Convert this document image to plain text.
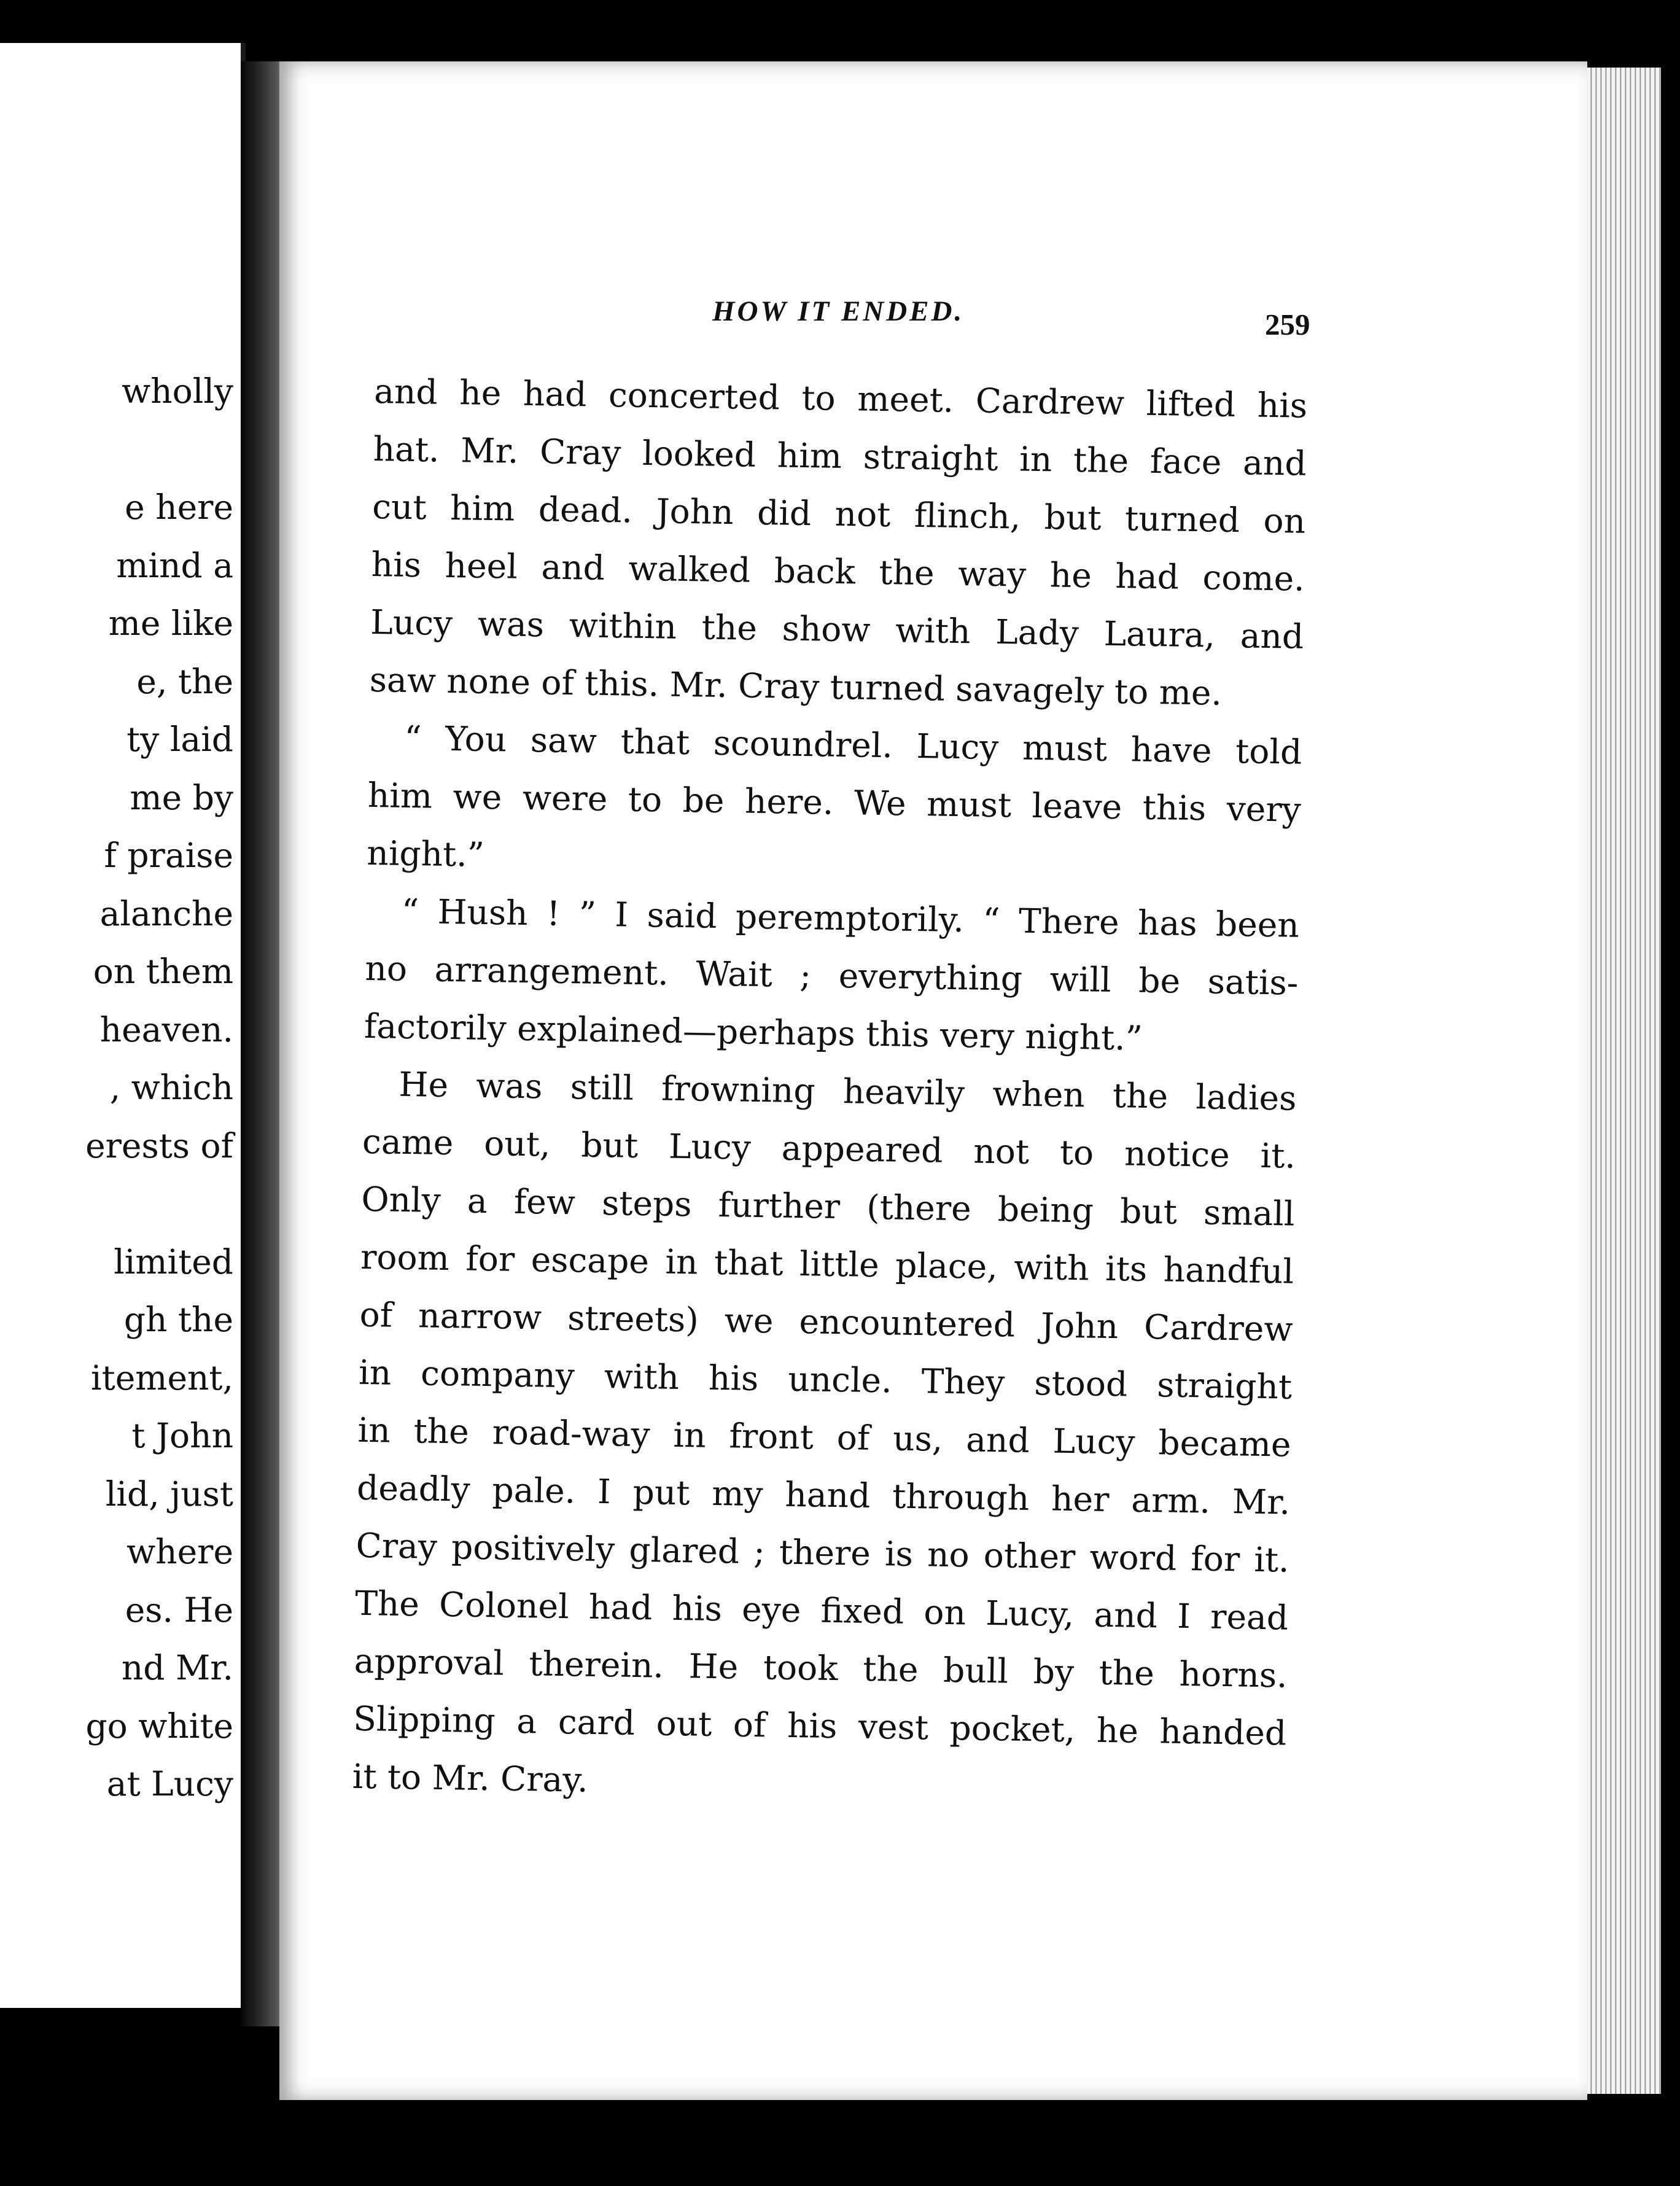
wholly
e here
mind a
me like
e, the
ty laid
me by
f praise
alanche
on them
heaven.
, which
erests of
limited
gh the
itement,
t John
lid, just
where
es. He
nd Mr.
go white
at Lucy
HOW IT ENDED.	259
and he had concerted to meet. Cardrew lifted his
hat. Mr. Cray looked him straight in the face and
cut him dead. John did not flinch, but turned on
his heel and walked back the way he had come.
Lucy was within the show with Lady Laura, and
saw none of this. Mr. Cray turned savagely to me.
“ You saw that scoundrel. Lucy must have told
him we were to be here. We must leave this very
night.”
“ Hush ! ” I said peremptorily. “ There has been
no arrangement. Wait ; everything will be satis-
factorily explained—perhaps this very night.”
He was still frowning heavily when the ladies
came out, but Lucy appeared not to notice it.
Only a few steps further (there being but small
room for escape in that little place, with its handful
of narrow streets) we encountered John Cardrew
in company with his uncle. They stood straight
in the road-way in front of us, and Lucy became
deadly pale. I put my hand through her arm. Mr.
Cray positively glared ; there is no other word for it.
The Colonel had his eye fixed on Lucy, and I read
approval therein. He took the bull by the horns.
Slipping a card out of his vest pocket, he handed
it to Mr. Cray.
